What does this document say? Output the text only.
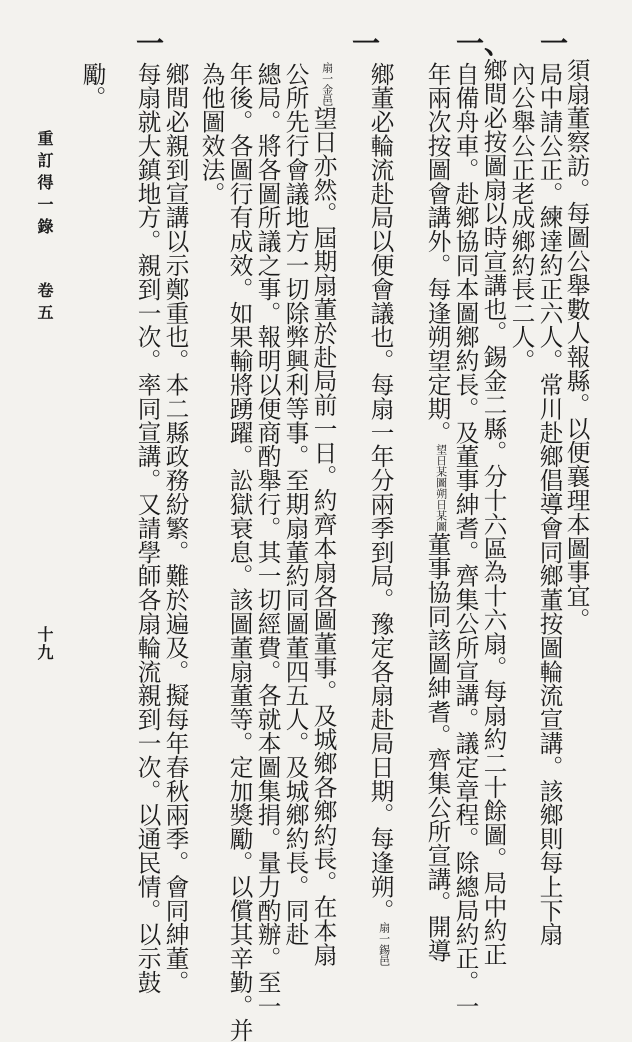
一
一、
一
一
須扇董察訪。每圖公舉數人報縣。以便襄理本圖事宜。
局中請公正。練達約正六人。常川赴鄉倡導會同鄉董按圖輪流宣講。該鄉則每上下扇
內公舉公正老成鄉約長二人。
鄉間必按圖扇以時宣講也。錫金二縣。分十六區為十六扇。每扇約二十餘圖。局中約正
自備舟車。赴鄉協同本圖鄉約長。及董事紳耆。齊集公所宣講。議定章程。除總局約正。一
年兩次按圖會講外。每逢朔望定期。
朔日某圖
望日某圖
董事協同該圖紳耆。齊集公所宣講。開導
鄉董必輪流赴局以便會議也。每扇一年分兩季到局。豫定各扇赴局日期。每逢朔。
一錫邑
扇
一金邑
扇
望日亦然。屆期扇董於赴局前一日。約齊本扇各圖董事。及城鄉各鄉約長。在本扇
公所先行會議地方一切除弊興利等事。至期扇董約同圖董四五人。及城鄉約長。同赴
總局。將各圖所議之事。報明以便商酌舉行。其一切經費。各就本圖集捐。量力酌辦。至一
年後。各圖行有成效。如果輸將踴躍。訟獄衰息。該圖董扇董等。定加獎勵。以償其辛勤。并
為他圖效法。
鄉間必親到宣講以示鄭重也。本二縣政務紛繁。難於遍及。擬每年春秋兩季。會同紳董。
每扇就大鎮地方。親到一次。率同宣講。又請學師各扇輪流親到一次。以通民情。以示鼓
勵。
重訂得一錄
卷五
十九
